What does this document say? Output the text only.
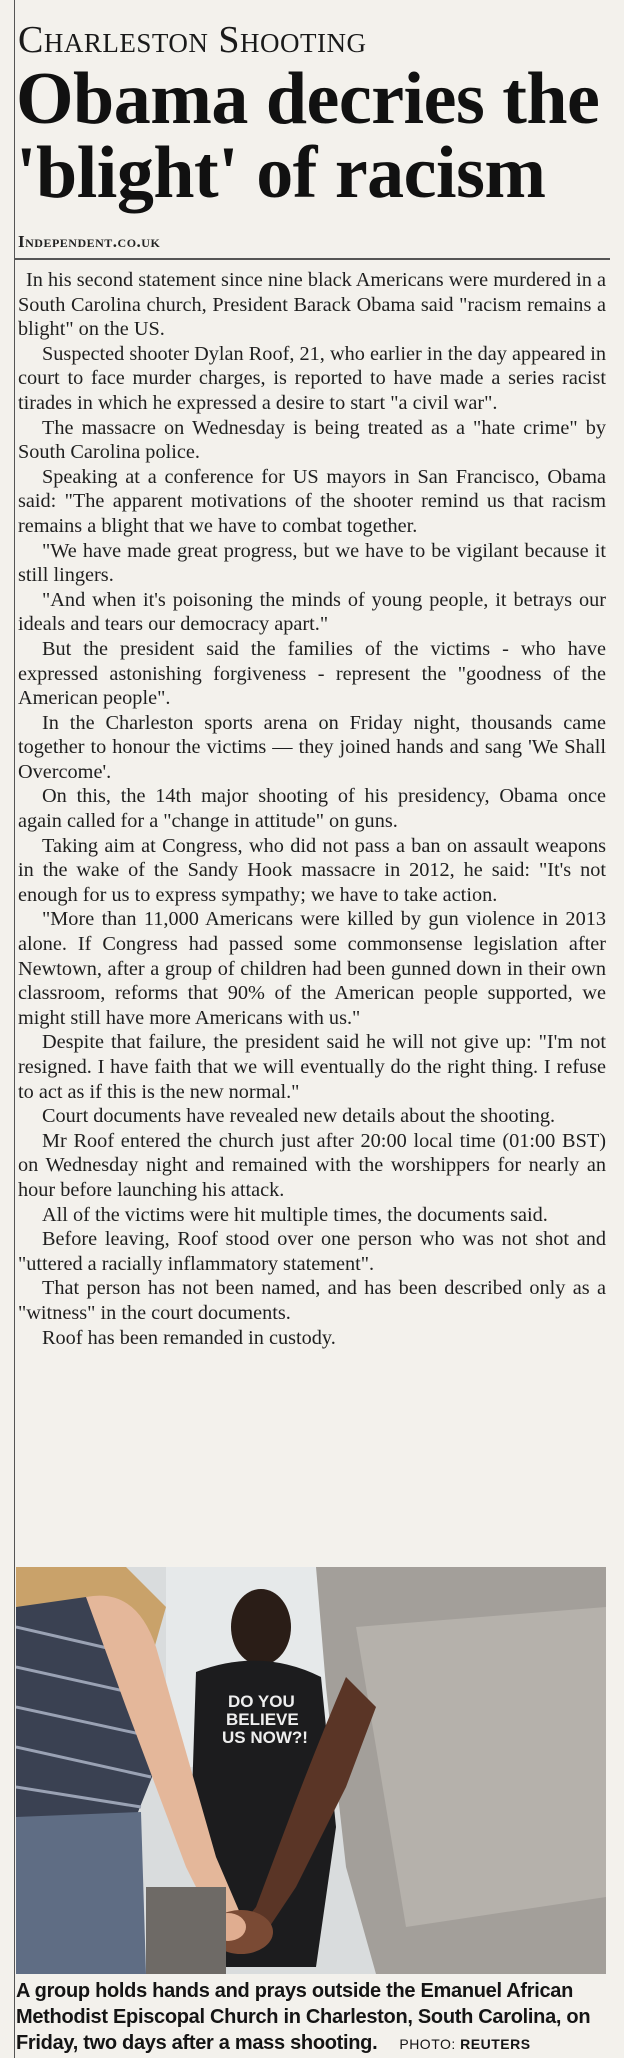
Charleston Shooting
Obama decries the 'blight' of racism
Independent.co.uk

In his second statement since nine black Americans were murdered in a South Carolina church, President Barack Obama said "racism remains a blight" on the US.

Suspected shooter Dylan Roof, 21, who earlier in the day appeared in court to face murder charges, is reported to have made a series racist tirades in which he expressed a desire to start "a civil war".

The massacre on Wednesday is being treated as a "hate crime" by South Carolina police.

Speaking at a conference for US mayors in San Francisco, Obama said: "The apparent motivations of the shooter remind us that racism remains a blight that we have to combat together.

"We have made great progress, but we have to be vigilant because it still lingers.

"And when it's poisoning the minds of young people, it betrays our ideals and tears our democracy apart."

But the president said the families of the victims - who have expressed astonishing forgiveness - represent the "goodness of the American people".

In the Charleston sports arena on Friday night, thousands came together to honour the victims — they joined hands and sang 'We Shall Overcome'.

On this, the 14th major shooting of his presidency, Obama once again called for a "change in attitude" on guns.

Taking aim at Congress, who did not pass a ban on assault weapons in the wake of the Sandy Hook massacre in 2012, he said: "It's not enough for us to express sympathy; we have to take action.

"More than 11,000 Americans were killed by gun violence in 2013 alone. If Congress had passed some commonsense legislation after Newtown, after a group of children had been gunned down in their own classroom, reforms that 90% of the American people supported, we might still have more Americans with us."

Despite that failure, the president said he will not give up: "I'm not resigned. I have faith that we will eventually do the right thing. I refuse to act as if this is the new normal."

Court documents have revealed new details about the shooting.

Mr Roof entered the church just after 20:00 local time (01:00 BST) on Wednesday night and remained with the worshippers for nearly an hour before launching his attack.

All of the victims were hit multiple times, the documents said.

Before leaving, Roof stood over one person who was not shot and "uttered a racially inflammatory statement".

That person has not been named, and has been described only as a "witness" in the court documents.

Roof has been remanded in custody.

DO YOU
BELIEVE
US NOW?!
A group holds hands and prays outside the Emanuel African Methodist Episcopal Church in Charleston, South Carolina, on Friday, two days after a mass shooting. PHOTO: REUTERS
